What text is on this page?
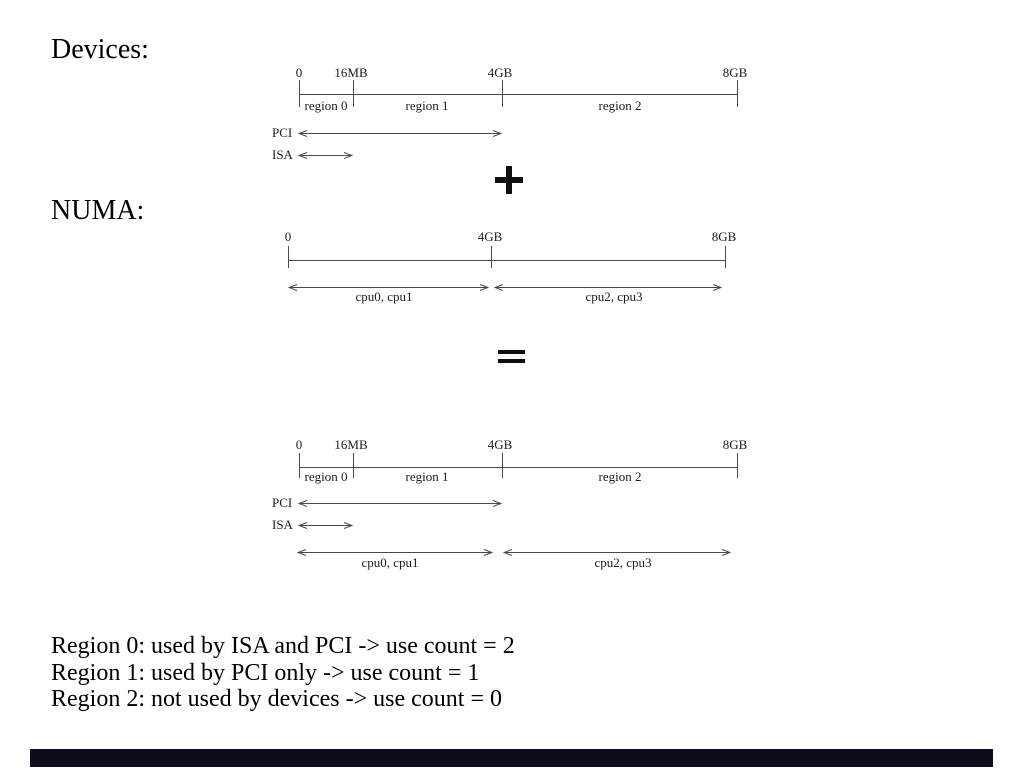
Devices:
NUMA:
0 16MB	4GB	8GB
region 0	region 1	region 2
PCI
ISA
0	4GB	8GB
cpu0, cpu1	cpu2, cpu3
0 16MB	4GB	8GB
region 0	region 1	region 2
PCI
ISA
cpu0, cpu1	cpu2, cpu3
Region 0: used by ISA and PCI -> use count = 2
Region 1: used by PCI only -> use count = 1
Region 2: not used by devices -> use count = 0
